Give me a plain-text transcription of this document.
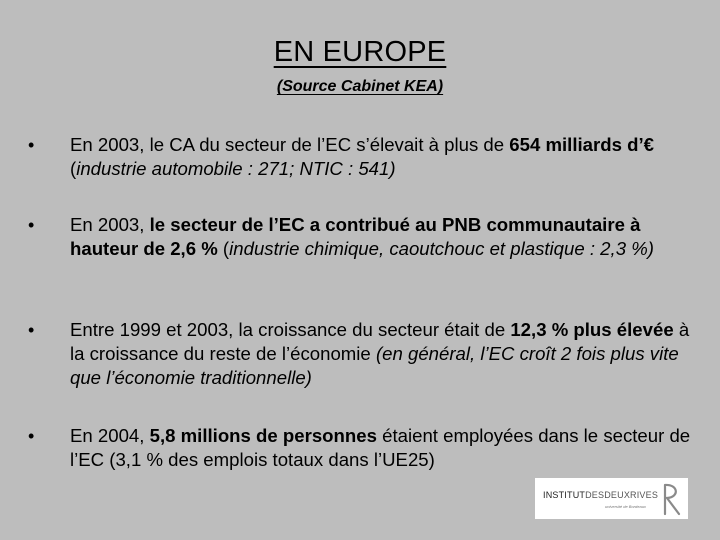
EN EUROPE
(Source Cabinet KEA)
• En 2003, le CA du secteur de l’EC s’élevait à plus de 654 milliards d’€ (industrie automobile : 271; NTIC : 541)
• En 2003, le secteur de l’EC a contribué au PNB communautaire à hauteur de 2,6 % (industrie chimique, caoutchouc et plastique : 2,3 %)
• Entre 1999 et 2003, la croissance du secteur était de 12,3 % plus élevée à la croissance du reste de l’économie (en général, l’EC croît 2 fois plus vite que l’économie traditionnelle)
• En 2004, 5,8 millions de personnes étaient employées dans le secteur de l’EC (3,1 % des emplois totaux dans l’UE25)
INSTITUTDESDEUXRIVES
université de Bordeaux
